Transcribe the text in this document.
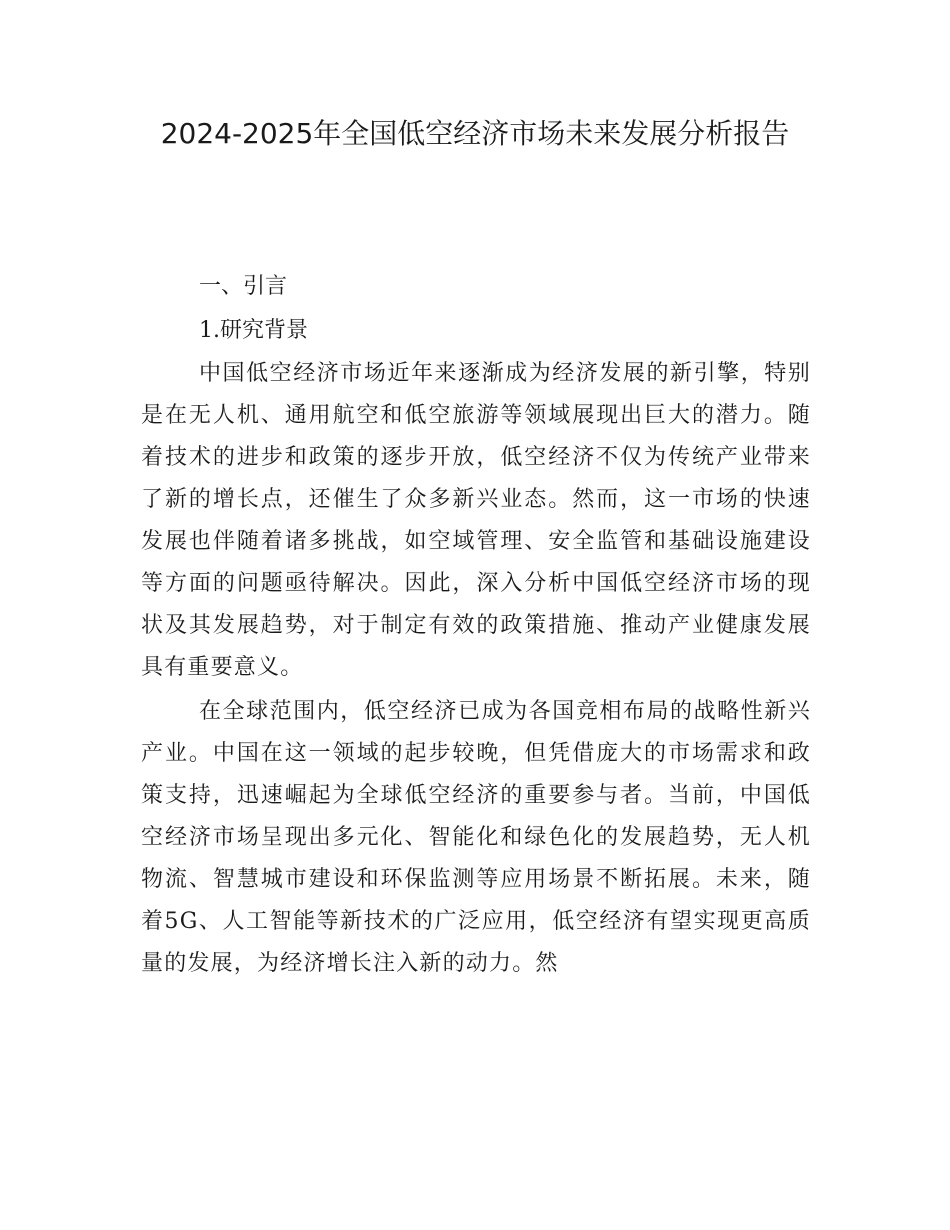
2024-2025年全国低空经济市场未来发展分析报告

一、引言

1.研究背景

中国低空经济市场近年来逐渐成为经济发展的新引擎，特别是在无人机、通用航空和低空旅游等领域展现出巨大的潜力。随着技术的进步和政策的逐步开放，低空经济不仅为传统产业带来了新的增长点，还催生了众多新兴业态。然而，这一市场的快速发展也伴随着诸多挑战，如空域管理、安全监管和基础设施建设等方面的问题亟待解决。因此，深入分析中国低空经济市场的现状及其发展趋势，对于制定有效的政策措施、推动产业健康发展具有重要意义。

在全球范围内，低空经济已成为各国竞相布局的战略性新兴产业。中国在这一领域的起步较晚，但凭借庞大的市场需求和政策支持，迅速崛起为全球低空经济的重要参与者。当前，中国低空经济市场呈现出多元化、智能化和绿色化的发展趋势，无人机物流、智慧城市建设和环保监测等应用场景不断拓展。未来，随着5G、人工智能等新技术的广泛应用，低空经济有望实现更高质量的发展，为经济增长注入新的动力。然
